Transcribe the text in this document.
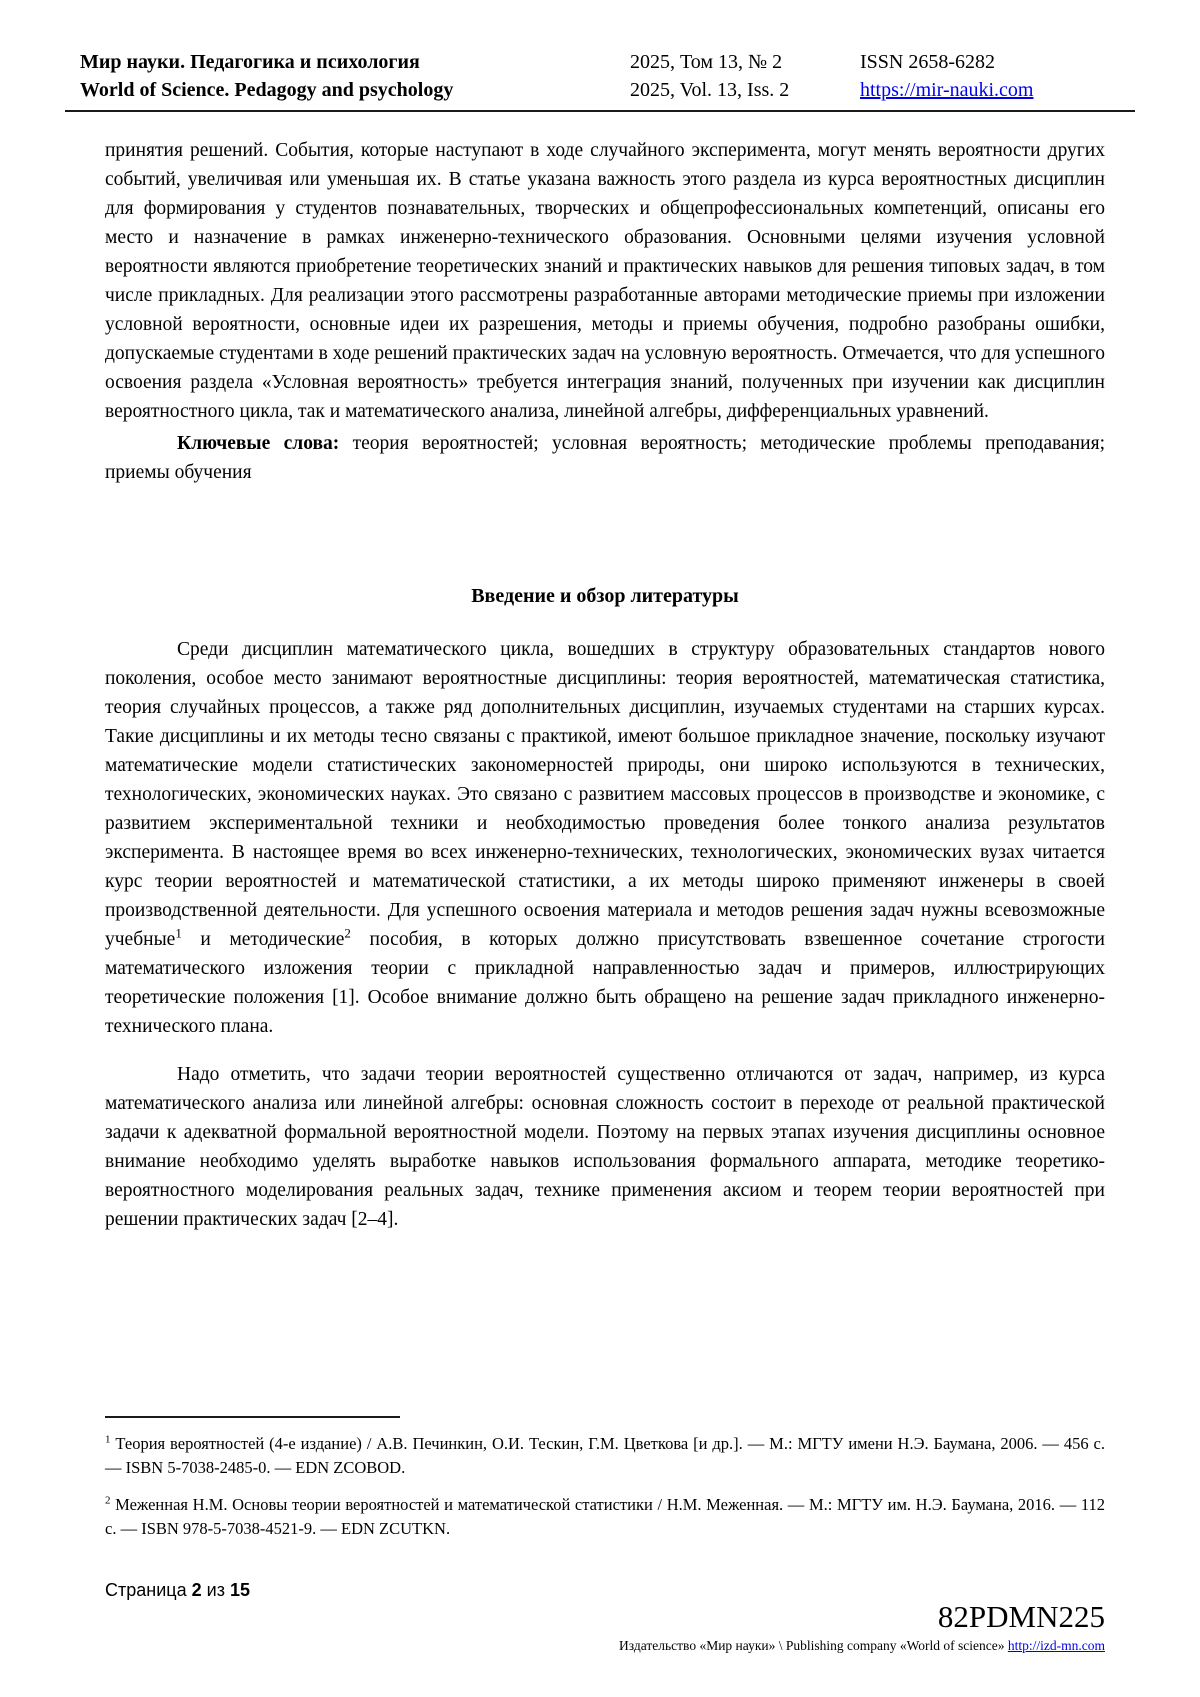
Мир науки. Педагогика и психология
World of Science. Pedagogy and psychology
2025, Том 13, № 2
2025, Vol. 13, Iss. 2
ISSN 2658-6282
https://mir-nauki.com

принятия решений. События, которые наступают в ходе случайного эксперимента, могут менять вероятности других событий, увеличивая или уменьшая их. В статье указана важность этого раздела из курса вероятностных дисциплин для формирования у студентов познавательных, творческих и общепрофессиональных компетенций, описаны его место и назначение в рамках инженерно-технического образования. Основными целями изучения условной вероятности являются приобретение теоретических знаний и практических навыков для решения типовых задач, в том числе прикладных. Для реализации этого рассмотрены разработанные авторами методические приемы при изложении условной вероятности, основные идеи их разрешения, методы и приемы обучения, подробно разобраны ошибки, допускаемые студентами в ходе решений практических задач на условную вероятность. Отмечается, что для успешного освоения раздела «Условная вероятность» требуется интеграция знаний, полученных при изучении как дисциплин вероятностного цикла, так и математического анализа, линейной алгебры, дифференциальных уравнений.

Ключевые слова: теория вероятностей; условная вероятность; методические проблемы преподавания; приемы обучения

Введение и обзор литературы

Среди дисциплин математического цикла, вошедших в структуру образовательных стандартов нового поколения, особое место занимают вероятностные дисциплины: теория вероятностей, математическая статистика, теория случайных процессов, а также ряд дополнительных дисциплин, изучаемых студентами на старших курсах. Такие дисциплины и их методы тесно связаны с практикой, имеют большое прикладное значение, поскольку изучают математические модели статистических закономерностей природы, они широко используются в технических, технологических, экономических науках. Это связано с развитием массовых процессов в производстве и экономике, с развитием экспериментальной техники и необходимостью проведения более тонкого анализа результатов эксперимента. В настоящее время во всех инженерно-технических, технологических, экономических вузах читается курс теории вероятностей и математической статистики, а их методы широко применяют инженеры в своей производственной деятельности. Для успешного освоения материала и методов решения задач нужны всевозможные учебные$^1$ и методические$^2$ пособия, в которых должно присутствовать взвешенное сочетание строгости математического изложения теории с прикладной направленностью задач и примеров, иллюстрирующих теоретические положения [1]. Особое внимание должно быть обращено на решение задач прикладного инженерно-технического плана.

Надо отметить, что задачи теории вероятностей существенно отличаются от задач, например, из курса математического анализа или линейной алгебры: основная сложность состоит в переходе от реальной практической задачи к адекватной формальной вероятностной модели. Поэтому на первых этапах изучения дисциплины основное внимание необходимо уделять выработке навыков использования формального аппарата, методике теоретико-вероятностного моделирования реальных задач, технике применения аксиом и теорем теории вероятностей при решении практических задач [2–4].

$^1$ Теория вероятностей (4-е издание) / А.В. Печинкин, О.И. Тескин, Г.М. Цветкова [и др.]. — М.: МГТУ имени Н.Э. Баумана, 2006. — 456 с. — ISBN 5-7038-2485-0. — EDN ZCOBOD.

$^2$ Меженная Н.М. Основы теории вероятностей и математической статистики / Н.М. Меженная. — М.: МГТУ им. Н.Э. Баумана, 2016. — 112 с. — ISBN 978-5-7038-4521-9. — EDN ZCUTKN.

Страница 2 из 15
82PDMN225
Издательство «Мир науки» \ Publishing company «World of science» http://izd-mn.com
